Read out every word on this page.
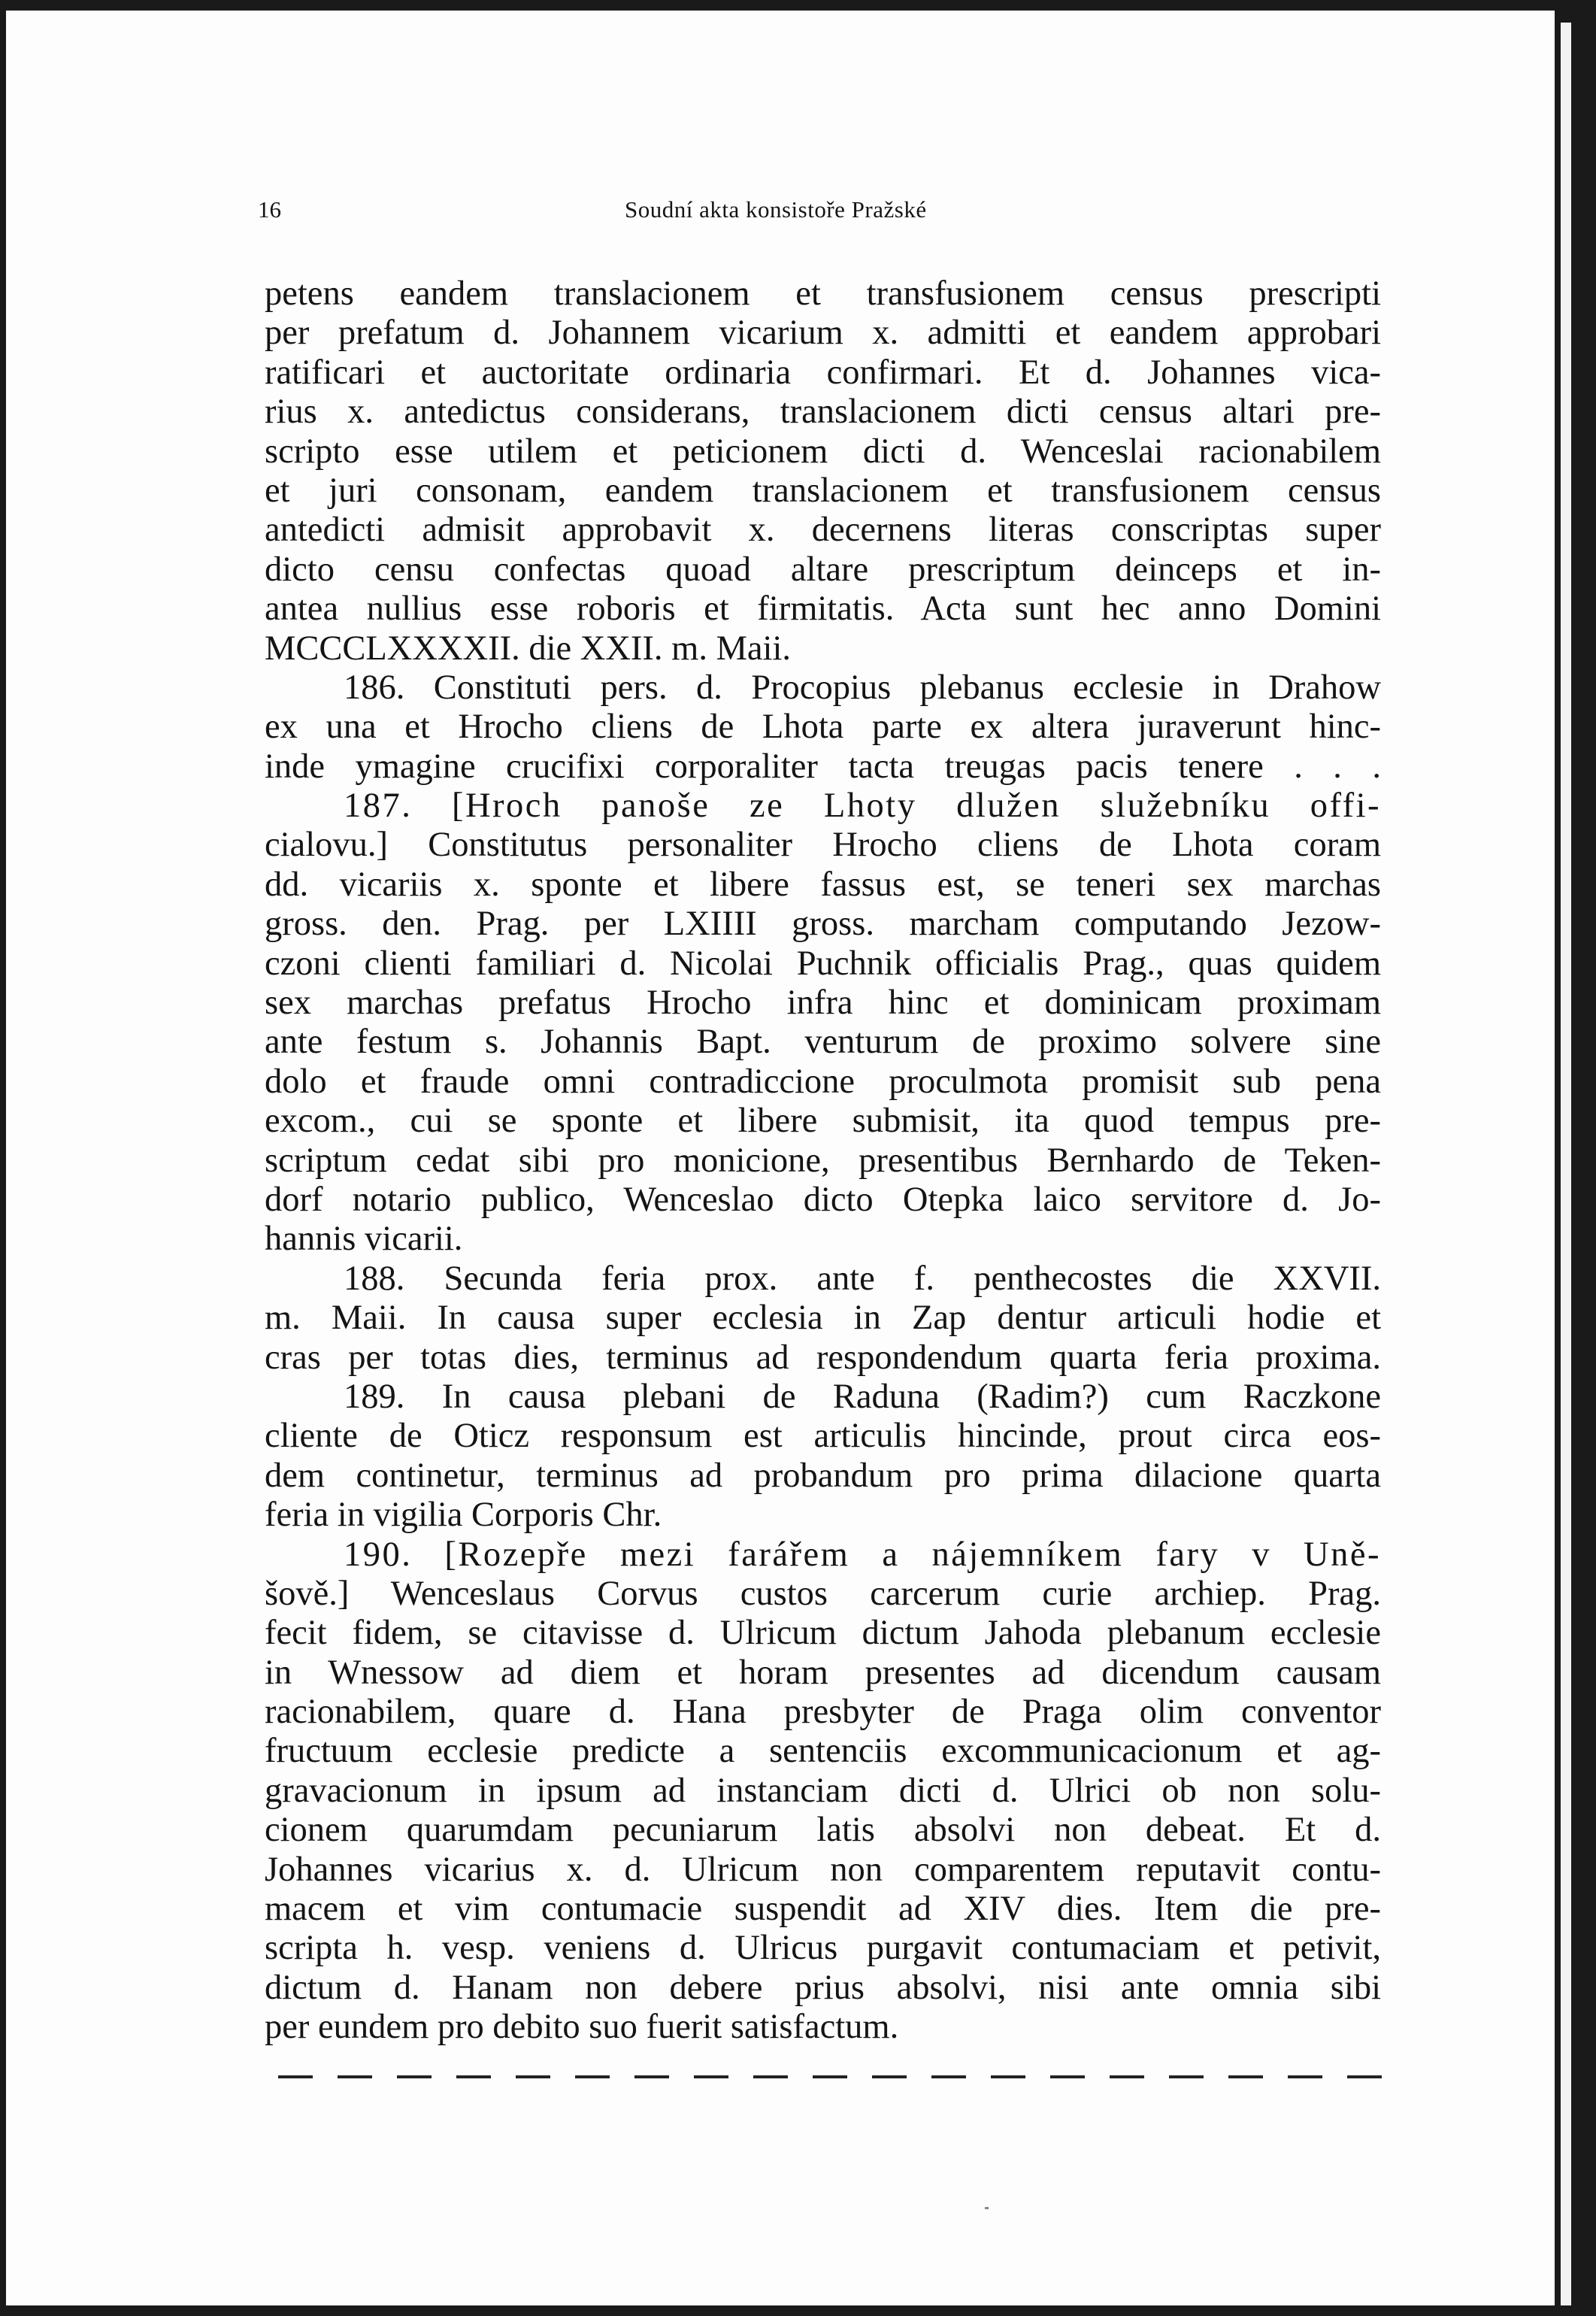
16	Soudní akta konsistoře Pražské
petens eandem translacionem et transfusionem census prescripti
per prefatum d. Johannem vicarium x. admitti et eandem approbari
ratificari et auctoritate ordinaria confirmari. Et d. Johannes vica-
rius x. antedictus considerans, translacionem dicti census altari pre-
scripto esse utilem et peticionem dicti d. Wenceslai racionabilem
et juri consonam, eandem translacionem et transfusionem census
antedicti admisit approbavit x. decernens literas conscriptas super
dicto censu confectas quoad altare prescriptum deinceps et in-
antea nullius esse roboris et firmitatis. Acta sunt hec anno Domini
MCCCLXXXXII. die XXII. m. Maii.
186. Constituti pers. d. Procopius plebanus ecclesie in Drahow
ex una et Hrocho cliens de Lhota parte ex altera juraverunt hinc-
inde ymagine crucifixi corporaliter tacta treugas pacis tenere . . .
187. [Hroch panoše ze Lhoty dlužen služebníku offi-
cialovu.] Constitutus personaliter Hrocho cliens de Lhota coram
dd. vicariis x. sponte et libere fassus est, se teneri sex marchas
gross. den. Prag. per LXIIII gross. marcham computando Jezow-
czoni clienti familiari d. Nicolai Puchnik officialis Prag., quas quidem
sex marchas prefatus Hrocho infra hinc et dominicam proximam
ante festum s. Johannis Bapt. venturum de proximo solvere sine
dolo et fraude omni contradiccione proculmota promisit sub pena
excom., cui se sponte et libere submisit, ita quod tempus pre-
scriptum cedat sibi pro monicione, presentibus Bernhardo de Teken-
dorf notario publico, Wenceslao dicto Otepka laico servitore d. Jo-
hannis vicarii.
188. Secunda feria prox. ante f. penthecostes die XXVII.
m. Maii. In causa super ecclesia in Zap dentur articuli hodie et
cras per totas dies, terminus ad respondendum quarta feria proxima.
189. In causa plebani de Raduna (Radim?) cum Raczkone
cliente de Oticz responsum est articulis hincinde, prout circa eos-
dem continetur, terminus ad probandum pro prima dilacione quarta
feria in vigilia Corporis Chr.
190. [Rozepře mezi farářem a nájemníkem fary v Uně-
šově.] Wenceslaus Corvus custos carcerum curie archiep. Prag.
fecit fidem, se citavisse d. Ulricum dictum Jahoda plebanum ecclesie
in Wnessow ad diem et horam presentes ad dicendum causam
racionabilem, quare d. Hana presbyter de Praga olim conventor
fructuum ecclesie predicte a sentenciis excommunicacionum et ag-
gravacionum in ipsum ad instanciam dicti d. Ulrici ob non solu-
cionem quarumdam pecuniarum latis absolvi non debeat. Et d.
Johannes vicarius x. d. Ulricum non comparentem reputavit contu-
macem et vim contumacie suspendit ad XIV dies. Item die pre-
scripta h. vesp. veniens d. Ulricus purgavit contumaciam et petivit,
dictum d. Hanam non debere prius absolvi, nisi ante omnia sibi
per eundem pro debito suo fuerit satisfactum.
